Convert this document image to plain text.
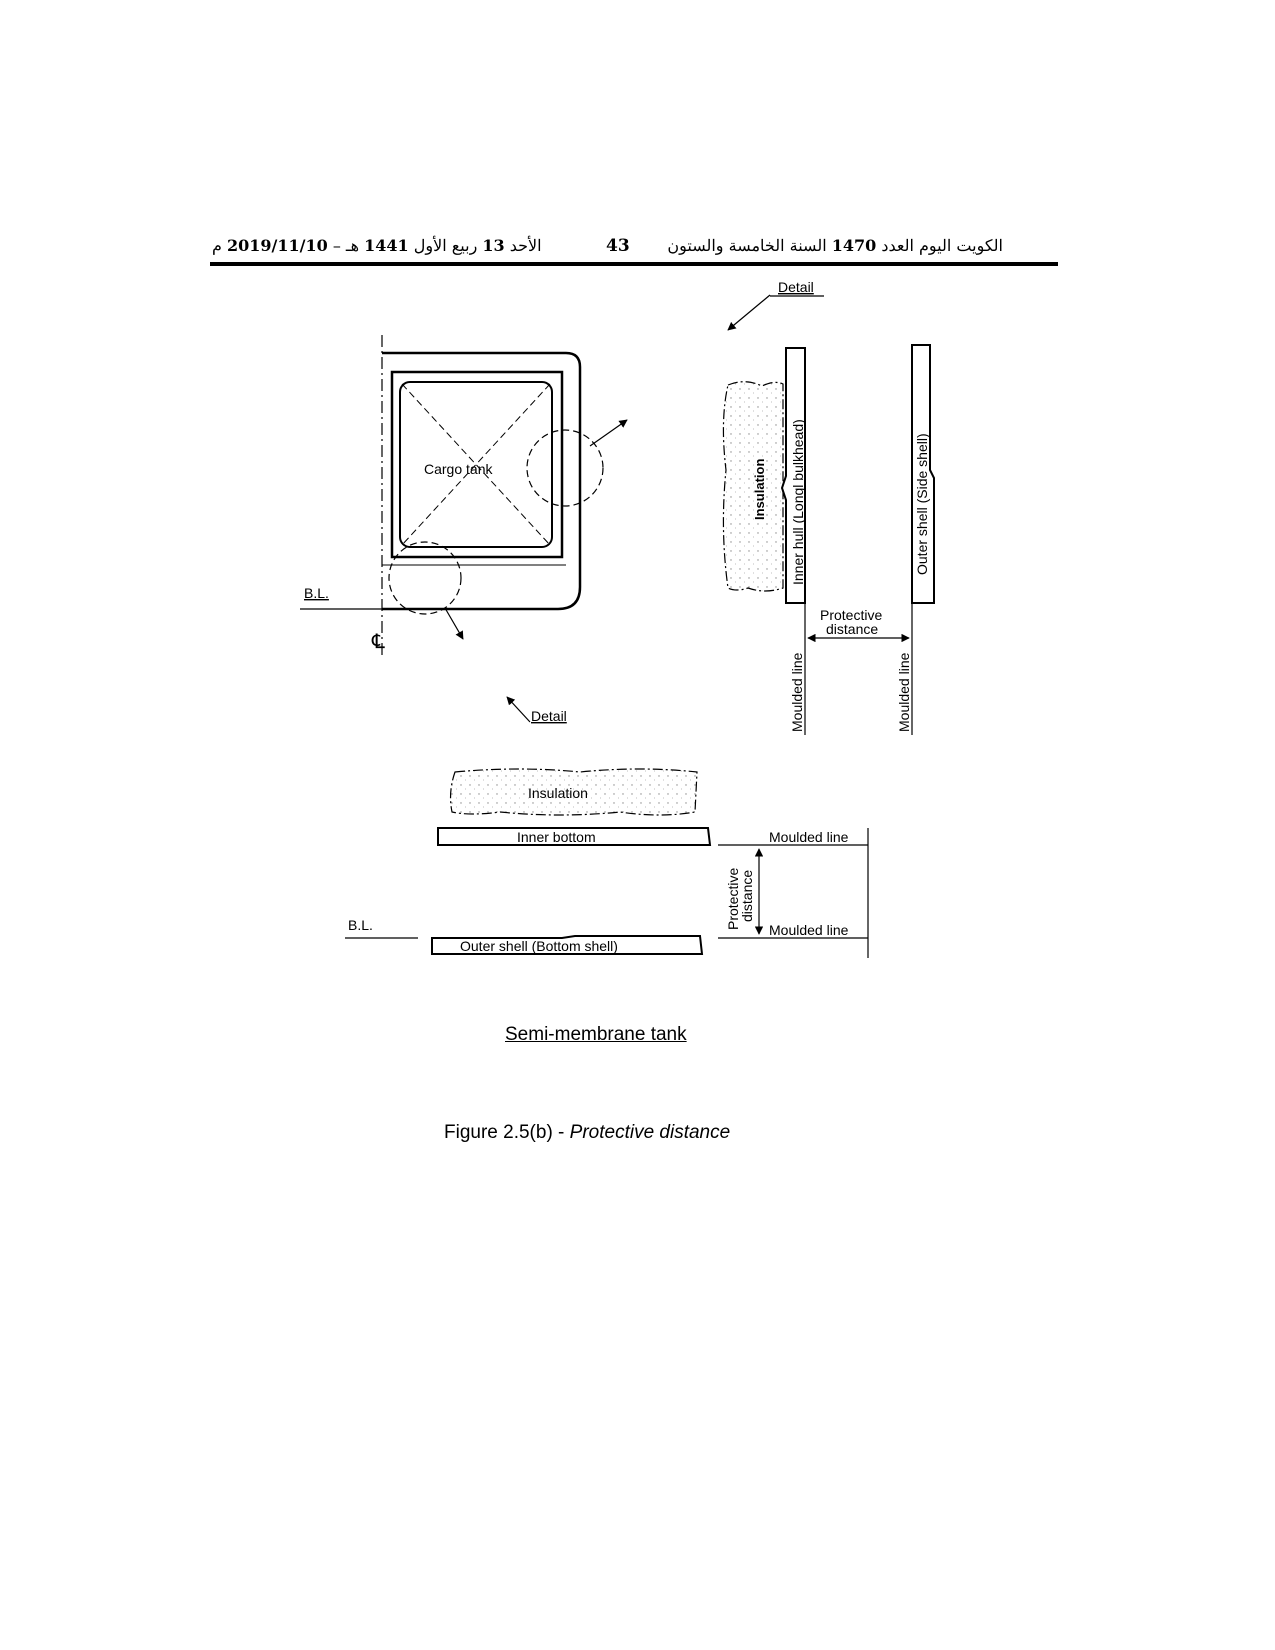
الكويت اليوم العدد 1470 السنة الخامسة والستون
43
الأحد 13 ربيع الأول 1441 هـ – 2019/11/10 م
Cargo tank
B.L.
℄
Detail
Detail
Insulation Inner hull (Longl bulkhead)	Outer shell (Side shell)
Protective
distance
Moulded line	Moulded line
Insulation
Inner bottom	Moulded line
Moulded line
Protective
distance
B.L.
Outer shell (Bottom shell)
Semi-membrane tank
Figure 2.5(b) - Protective distance
